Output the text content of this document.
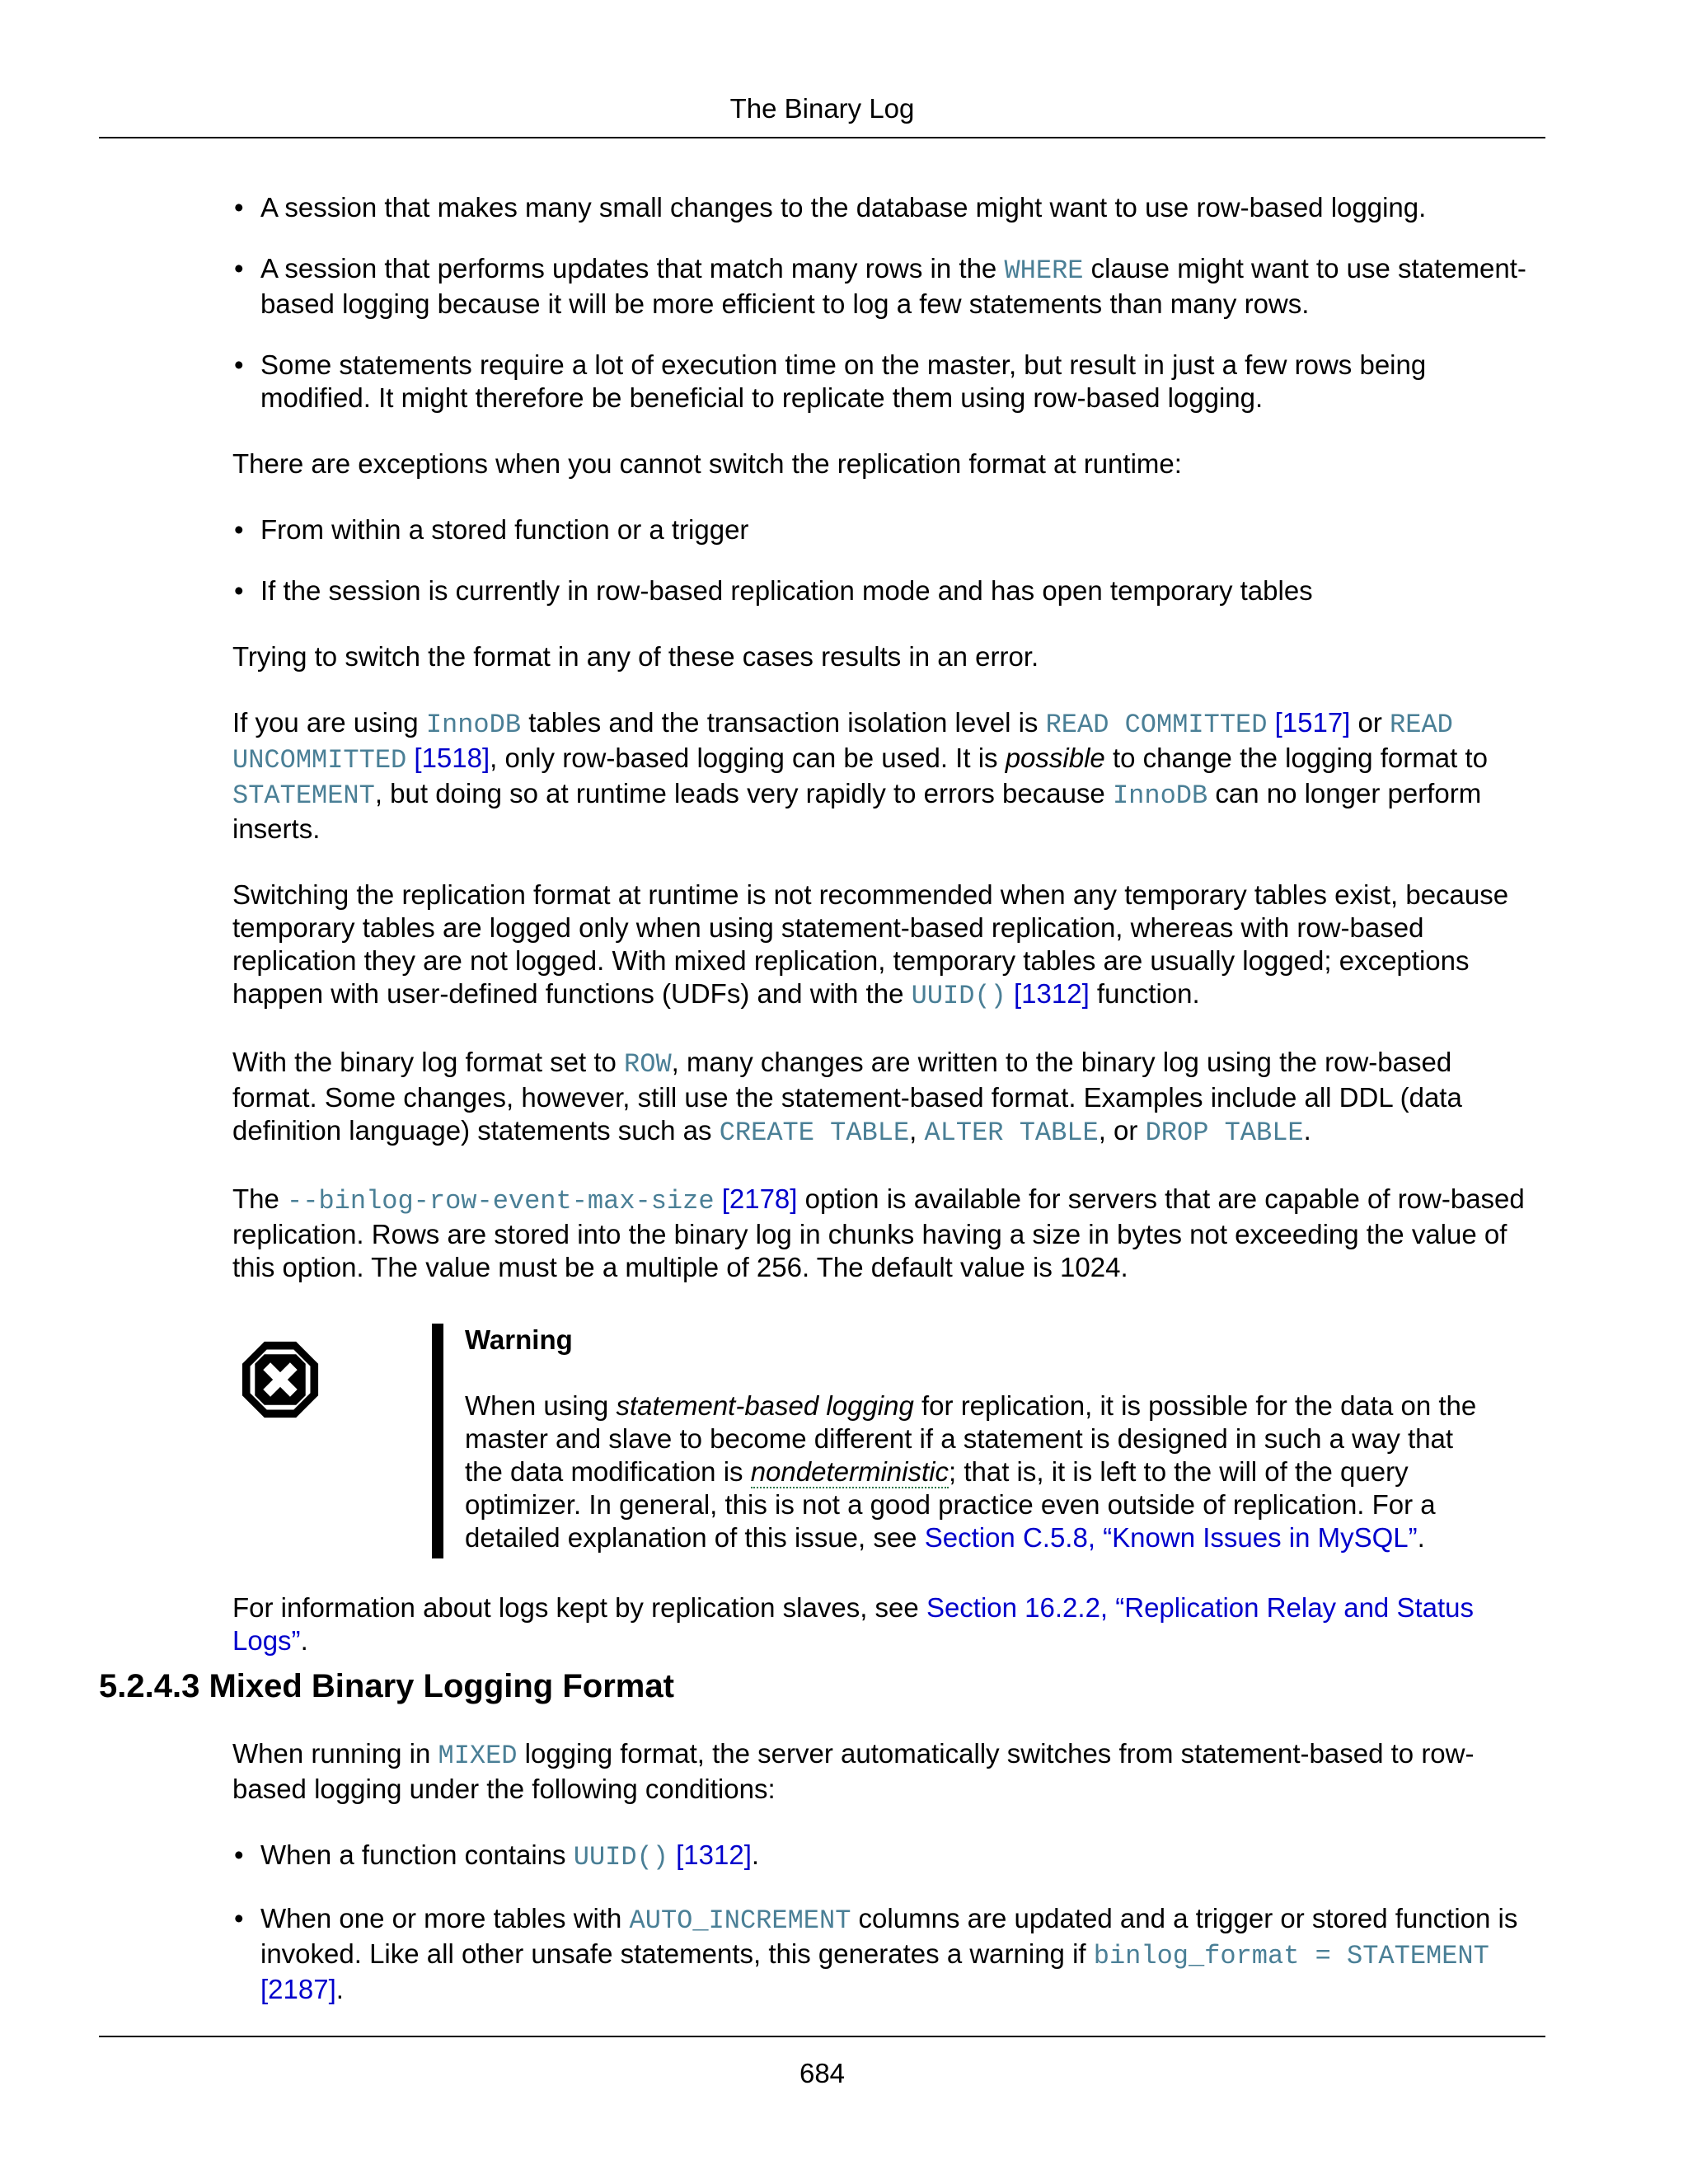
The Binary Log
• A session that makes many small changes to the database might want to use row-based logging.
• A session that performs updates that match many rows in the WHERE clause might want to use statement-based logging because it will be more efficient to log a few statements than many rows.
• Some statements require a lot of execution time on the master, but result in just a few rows being modified. It might therefore be beneficial to replicate them using row-based logging.

There are exceptions when you cannot switch the replication format at runtime:

• From within a stored function or a trigger
• If the session is currently in row-based replication mode and has open temporary tables

Trying to switch the format in any of these cases results in an error.

If you are using InnoDB tables and the transaction isolation level is READ COMMITTED [1517] or READ UNCOMMITTED [1518], only row-based logging can be used. It is possible to change the logging format to STATEMENT, but doing so at runtime leads very rapidly to errors because InnoDB can no longer perform inserts.

Switching the replication format at runtime is not recommended when any temporary tables exist, because temporary tables are logged only when using statement-based replication, whereas with row-based replication they are not logged. With mixed replication, temporary tables are usually logged; exceptions happen with user-defined functions (UDFs) and with the UUID() [1312] function.

With the binary log format set to ROW, many changes are written to the binary log using the row-based format. Some changes, however, still use the statement-based format. Examples include all DDL (data definition language) statements such as CREATE TABLE, ALTER TABLE, or DROP TABLE.

The --binlog-row-event-max-size [2178] option is available for servers that are capable of row-based replication. Rows are stored into the binary log in chunks having a size in bytes not exceeding the value of this option. The value must be a multiple of 256. The default value is 1024.

Warning
When using statement-based logging for replication, it is possible for the data on the master and slave to become different if a statement is designed in such a way that the data modification is nondeterministic; that is, it is left to the will of the query optimizer. In general, this is not a good practice even outside of replication. For a detailed explanation of this issue, see Section C.5.8, “Known Issues in MySQL”.

For information about logs kept by replication slaves, see Section 16.2.2, “Replication Relay and Status Logs”.

5.2.4.3 Mixed Binary Logging Format

When running in MIXED logging format, the server automatically switches from statement-based to row-based logging under the following conditions:

• When a function contains UUID() [1312].
• When one or more tables with AUTO_INCREMENT columns are updated and a trigger or stored function is invoked. Like all other unsafe statements, this generates a warning if binlog_format = STATEMENT [2187].
684
